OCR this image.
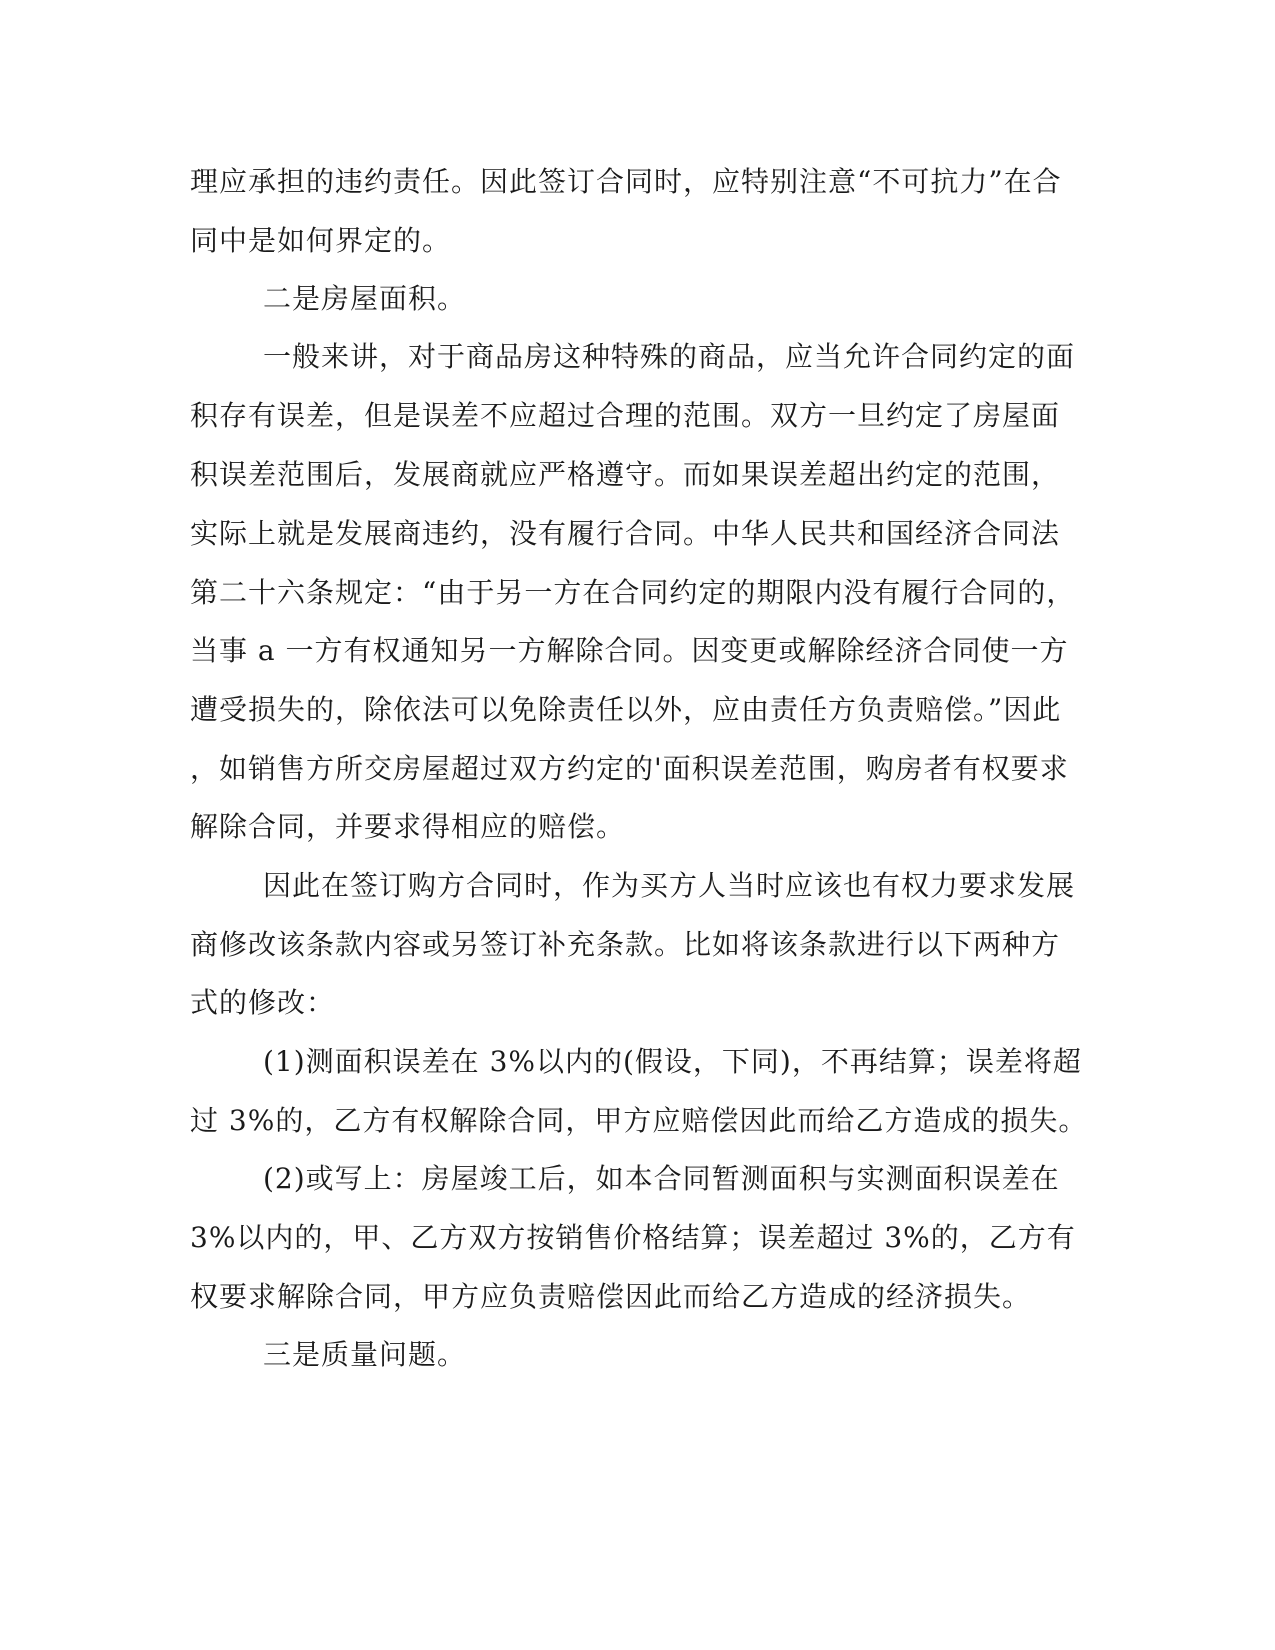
理应承担的违约责任。因此签订合同时，应特别注意“不可抗力”在合
同中是如何界定的。
二是房屋面积。
一般来讲，对于商品房这种特殊的商品，应当允许合同约定的面
积存有误差，但是误差不应超过合理的范围。双方一旦约定了房屋面
积误差范围后，发展商就应严格遵守。而如果误差超出约定的范围，
实际上就是发展商违约，没有履行合同。中华人民共和国经济合同法
第二十六条规定：“由于另一方在合同约定的期限内没有履行合同的，
当事 a 一方有权通知另一方解除合同。因变更或解除经济合同使一方
遭受损失的，除依法可以免除责任以外，应由责任方负责赔偿。”因此
，如销售方所交房屋超过双方约定的'面积误差范围，购房者有权要求
解除合同，并要求得相应的赔偿。
因此在签订购方合同时，作为买方人当时应该也有权力要求发展
商修改该条款内容或另签订补充条款。比如将该条款进行以下两种方
式的修改：
(1)测面积误差在 3%以内的(假设，下同)，不再结算；误差将超
过 3%的，乙方有权解除合同，甲方应赔偿因此而给乙方造成的损失。
(2)或写上：房屋竣工后，如本合同暂测面积与实测面积误差在
3%以内的，甲、乙方双方按销售价格结算；误差超过 3%的，乙方有
权要求解除合同，甲方应负责赔偿因此而给乙方造成的经济损失。
三是质量问题。
